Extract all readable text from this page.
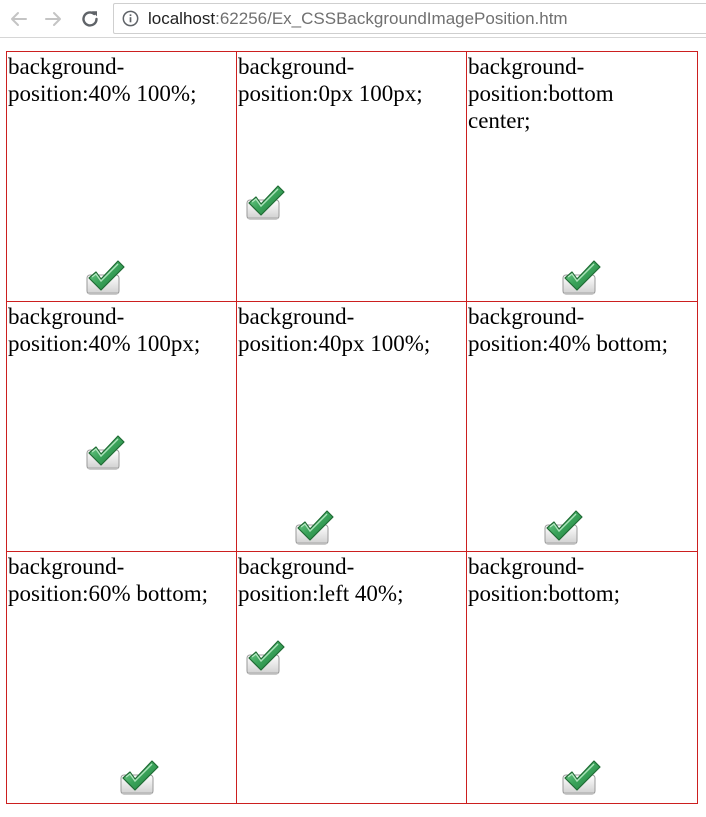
localhost:62256/Ex_CSSBackgroundImagePosition.htm
background-
position:40% 100%;
background-
position:0px 100px;
background-
position:bottom
center;
background-
position:40% 100px;
background-
position:40px 100%;
background-
position:40% bottom;
background-
position:60% bottom;
background-
position:left 40%;
background-
position:bottom;
